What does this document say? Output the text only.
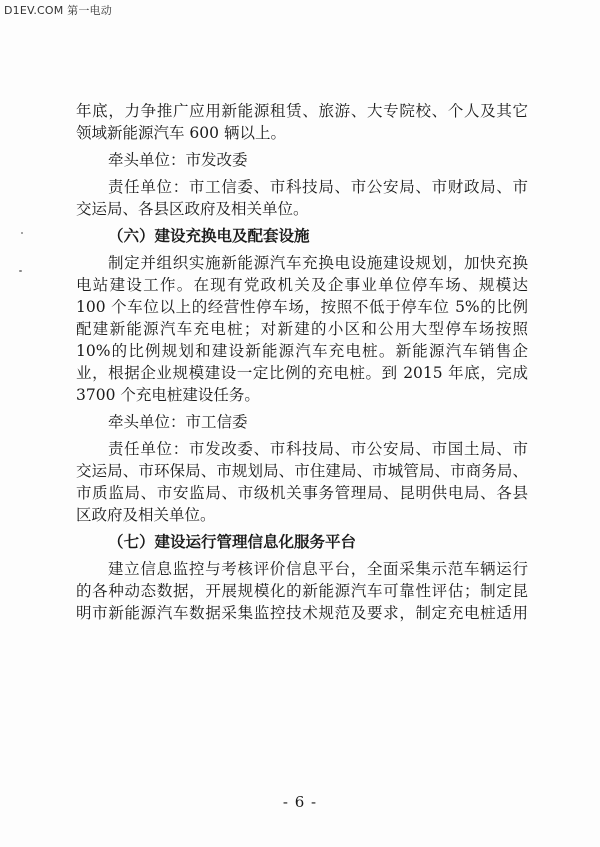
D1EV.COM 第一电动

年底，力争推广应用新能源租赁、旅游、大专院校、个人及其它

领域新能源汽车 600 辆以上。

牵头单位：市发改委

责任单位：市工信委、市科技局、市公安局、市财政局、市

交运局、各县区政府及相关单位。

（六）建设充换电及配套设施

制定并组织实施新能源汽车充换电设施建设规划，加快充换

电站建设工作。在现有党政机关及企事业单位停车场、规模达

100 个车位以上的经营性停车场，按照不低于停车位 5%的比例

配建新能源汽车充电桩；对新建的小区和公用大型停车场按照

10%的比例规划和建设新能源汽车充电桩。新能源汽车销售企

业，根据企业规模建设一定比例的充电桩。到 2015 年底，完成

3700 个充电桩建设任务。

牵头单位：市工信委

责任单位：市发改委、市科技局、市公安局、市国土局、市

交运局、市环保局、市规划局、市住建局、市城管局、市商务局、

市质监局、市安监局、市级机关事务管理局、昆明供电局、各县

区政府及相关单位。

（七）建设运行管理信息化服务平台

建立信息监控与考核评价信息平台，全面采集示范车辆运行

的各种动态数据，开展规模化的新能源汽车可靠性评估；制定昆

明市新能源汽车数据采集监控技术规范及要求，制定充电桩适用

- 6 -
